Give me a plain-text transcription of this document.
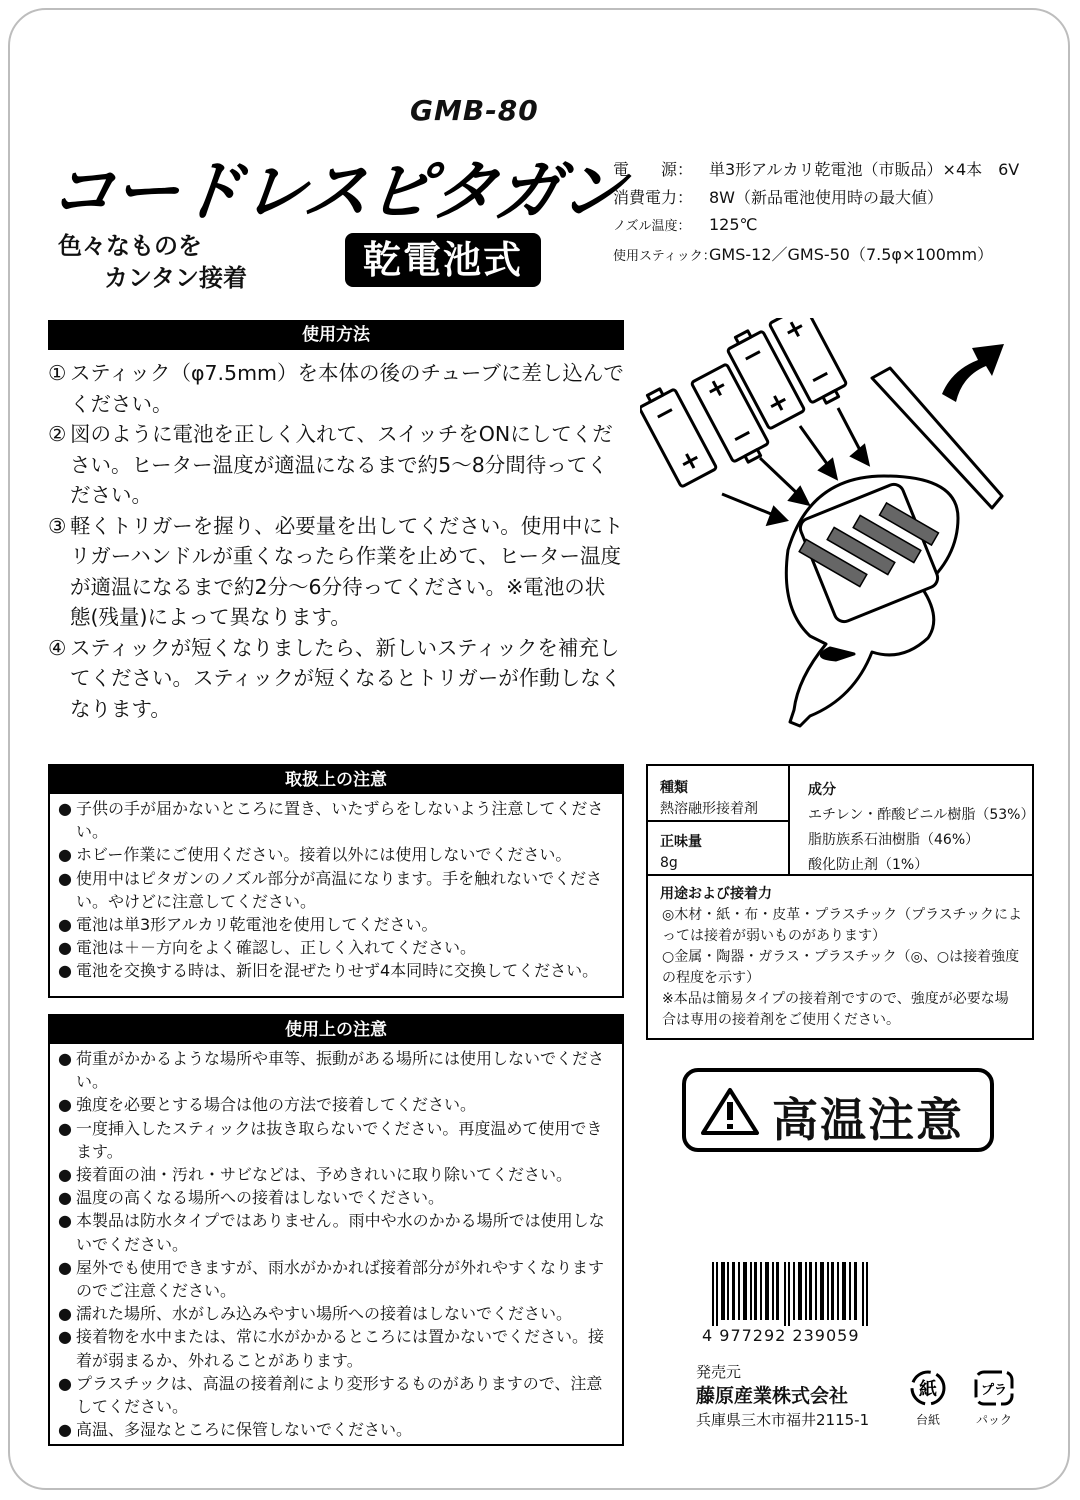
GMB-80
コードレスピタガン
色々なものを
カンタン接着	乾電池式
電　　源： 単3形アルカリ乾電池（市販品）×4本　6V
消費電力： 8W（新品電池使用時の最大値）
ノズル温度： 125℃
使用スティック：GMS-12／GMS-50（7.5φ×100mm）
使用方法
① スティック（φ7.5mm）を本体の後のチューブに差し込んでください。
② 図のように電池を正しく入れて、スイッチをONにしてください。ヒーター温度が適温になるまで約5～8分間待ってください。
③ 軽くトリガーを握り、必要量を出してください。使用中にトリガーハンドルが重くなったら作業を止めて、ヒーター温度が適温になるまで約2分～6分待ってください。※電池の状態(残量)によって異なります。
④ スティックが短くなりましたら、新しいスティックを補充してください。スティックが短くなるとトリガーが作動しなくなります。
取扱上の注意
● 子供の手が届かないところに置き、いたずらをしないよう注意してください。
● ホビー作業にご使用ください。接着以外には使用しないでください。
● 使用中はピタガンのノズル部分が高温になります。手を触れないでください。やけどに注意してください。
● 電池は単3形アルカリ乾電池を使用してください。
● 電池は＋－方向をよく確認し、正しく入れてください。
● 電池を交換する時は、新旧を混ぜたりせず4本同時に交換してください。
使用上の注意
● 荷重がかかるような場所や車等、振動がある場所には使用しないでください。
● 強度を必要とする場合は他の方法で接着してください。
● 一度挿入したスティックは抜き取らないでください。再度温めて使用できます。
● 接着面の油・汚れ・サビなどは、予めきれいに取り除いてください。
● 温度の高くなる場所への接着はしないでください。
● 本製品は防水タイプではありません。雨中や水のかかる場所では使用しないでください。
● 屋外でも使用できますが、雨水がかかれば接着部分が外れやすくなりますのでご注意ください。
● 濡れた場所、水がしみ込みやすい場所への接着はしないでください。
● 接着物を水中または、常に水がかかるところには置かないでください。接着が弱まるか、外れることがあります。
● プラスチックは、高温の接着剤により変形するものがありますので、注意してください。
● 高温、多湿なところに保管しないでください。
種類
熱溶融形接着剤
正味量
8g
成分
エチレン・酢酸ビニル樹脂（53%）
脂肪族系石油樹脂（46%）
酸化防止剤（1%）
用途および接着力
◎木材・紙・布・皮革・プラスチック（プラスチックによっては接着が弱いものがあります）
○金属・陶器・ガラス・プラスチック（◎、○は接着強度の程度を示す）
※本品は簡易タイプの接着剤ですので、強度が必要な場合は専用の接着剤をご使用ください。
高温注意
4 977292 239059
発売元
藤原産業株式会社
兵庫県三木市福井2115-1
紙
台紙
プラ
パック
